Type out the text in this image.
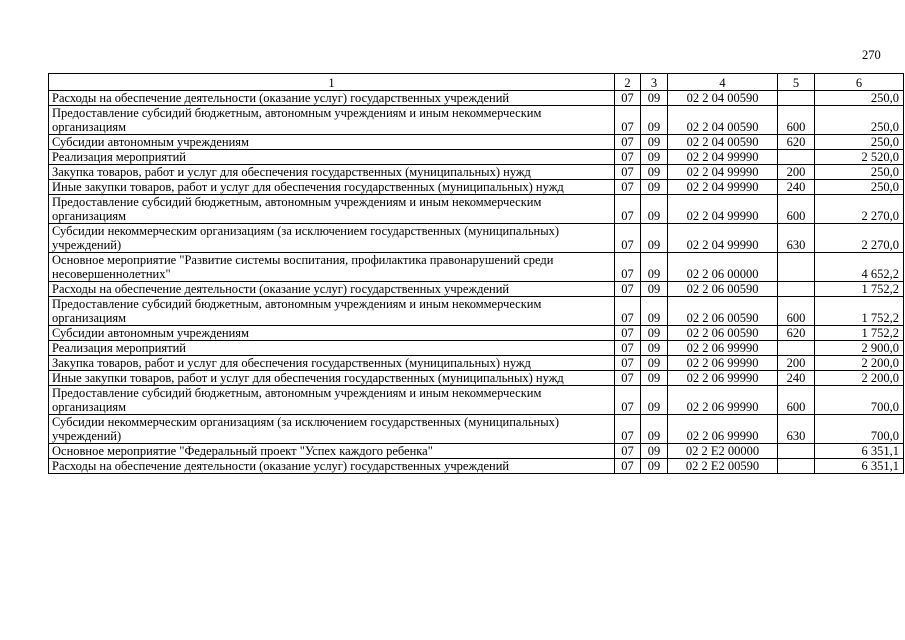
270
1	2	3	4	5	6
Расходы на обеспечение деятельности (оказание услуг) государственных учреждений	07	09	02 2 04 00590		250,0
Предоставление субсидий бюджетным, автономным учреждениям и иным некоммерческим организациям	07	09	02 2 04 00590	600	250,0
Субсидии автономным учреждениям	07	09	02 2 04 00590	620	250,0
Реализация мероприятий	07	09	02 2 04 99990		2 520,0
Закупка товаров, работ и услуг для обеспечения государственных (муниципальных) нужд	07	09	02 2 04 99990	200	250,0
Иные закупки товаров, работ и услуг для обеспечения государственных (муниципальных) нужд	07	09	02 2 04 99990	240	250,0
Предоставление субсидий бюджетным, автономным учреждениям и иным некоммерческим организациям	07	09	02 2 04 99990	600	2 270,0
Субсидии некоммерческим организациям (за исключением государственных (муниципальных) учреждений)	07	09	02 2 04 99990	630	2 270,0
Основное мероприятие "Развитие системы воспитания, профилактика правонарушений среди несовершеннолетних"	07	09	02 2 06 00000		4 652,2
Расходы на обеспечение деятельности (оказание услуг) государственных учреждений	07	09	02 2 06 00590		1 752,2
Предоставление субсидий бюджетным, автономным учреждениям и иным некоммерческим организациям	07	09	02 2 06 00590	600	1 752,2
Субсидии автономным учреждениям	07	09	02 2 06 00590	620	1 752,2
Реализация мероприятий	07	09	02 2 06 99990		2 900,0
Закупка товаров, работ и услуг для обеспечения государственных (муниципальных) нужд	07	09	02 2 06 99990	200	2 200,0
Иные закупки товаров, работ и услуг для обеспечения государственных (муниципальных) нужд	07	09	02 2 06 99990	240	2 200,0
Предоставление субсидий бюджетным, автономным учреждениям и иным некоммерческим организациям	07	09	02 2 06 99990	600	700,0
Субсидии некоммерческим организациям (за исключением государственных (муниципальных) учреждений)	07	09	02 2 06 99990	630	700,0
Основное мероприятие "Федеральный проект "Успех каждого ребенка"	07	09	02 2 E2 00000		6 351,1
Расходы на обеспечение деятельности (оказание услуг) государственных учреждений	07	09	02 2 E2 00590		6 351,1
